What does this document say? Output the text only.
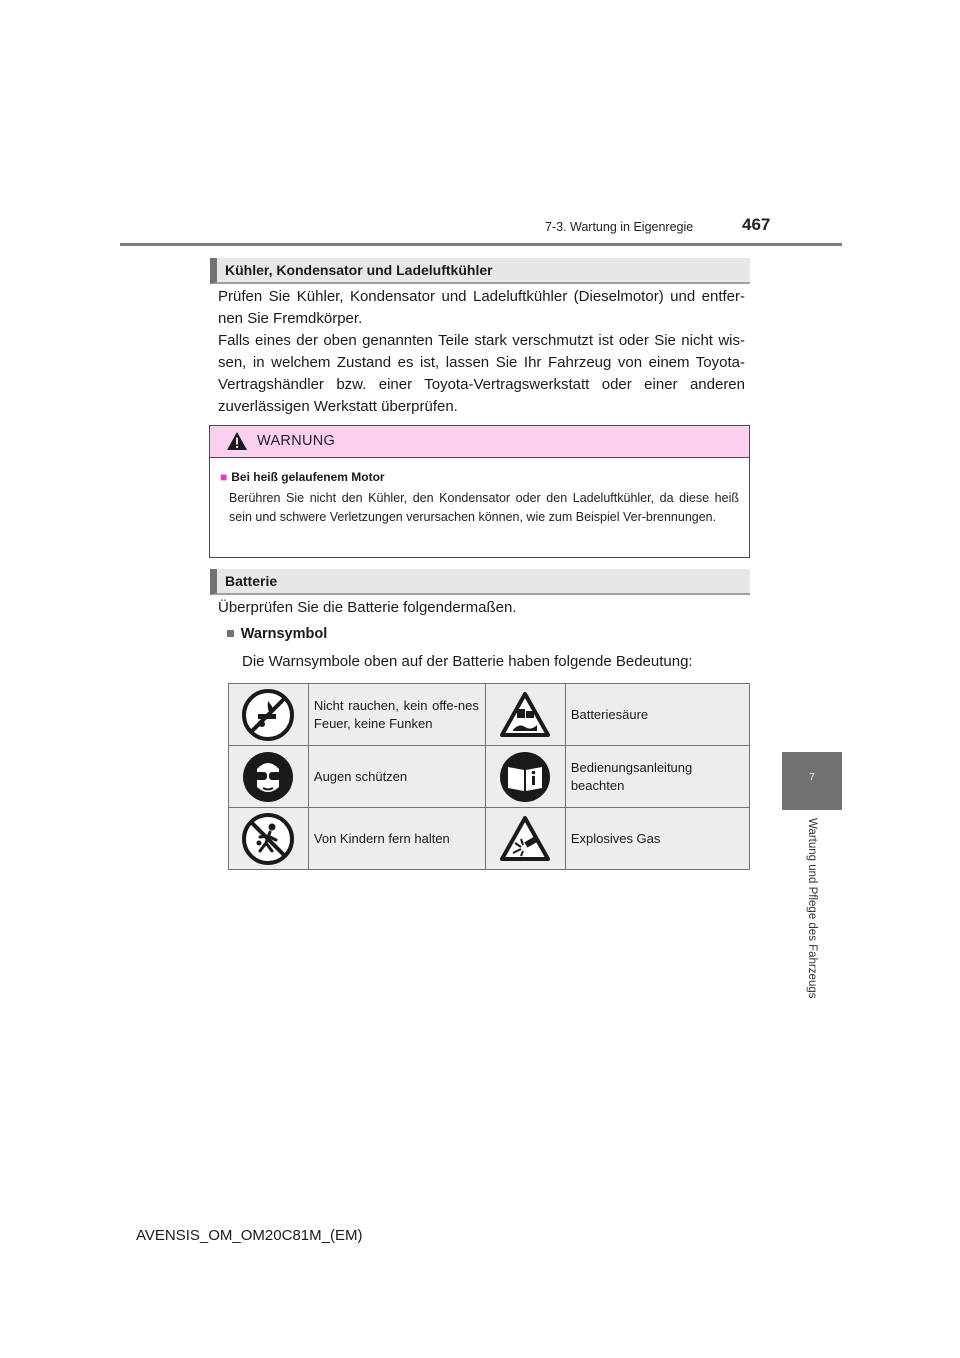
7-3. Wartung in Eigenregie	467
7
Wartung und Pflege des Fahrzeugs
Kühler, Kondensator und Ladeluftkühler

Prüfen Sie Kühler, Kondensator und Ladeluftkühler (Dieselmotor) und entfer-nen Sie Fremdkörper.

Falls eines der oben genannten Teile stark verschmutzt ist oder Sie nicht wis-sen, in welchem Zustand es ist, lassen Sie Ihr Fahrzeug von einem Toyota-Vertragshändler bzw. einer Toyota-Vertragswerkstatt oder einer anderen zuverlässigen Werkstatt überprüfen.

WARNUNG
■ Bei heiß gelaufenem Motor
Berühren Sie nicht den Kühler, den Kondensator oder den Ladeluftkühler, da diese heiß sein und schwere Verletzungen verursachen können, wie zum Beispiel Ver-brennungen.
Batterie
Überprüfen Sie die Batterie folgendermaßen.
■ Warnsymbol
Die Warnsymbole oben auf der Batterie haben folgende Bedeutung:
	Nicht rauchen, kein offe-nes Feuer, keine Funken		Batteriesäure

	Augen schützen		Bedienungsanleitung beachten

	Von Kindern fern halten		Explosives Gas
AVENSIS_OM_OM20C81M_(EM)
